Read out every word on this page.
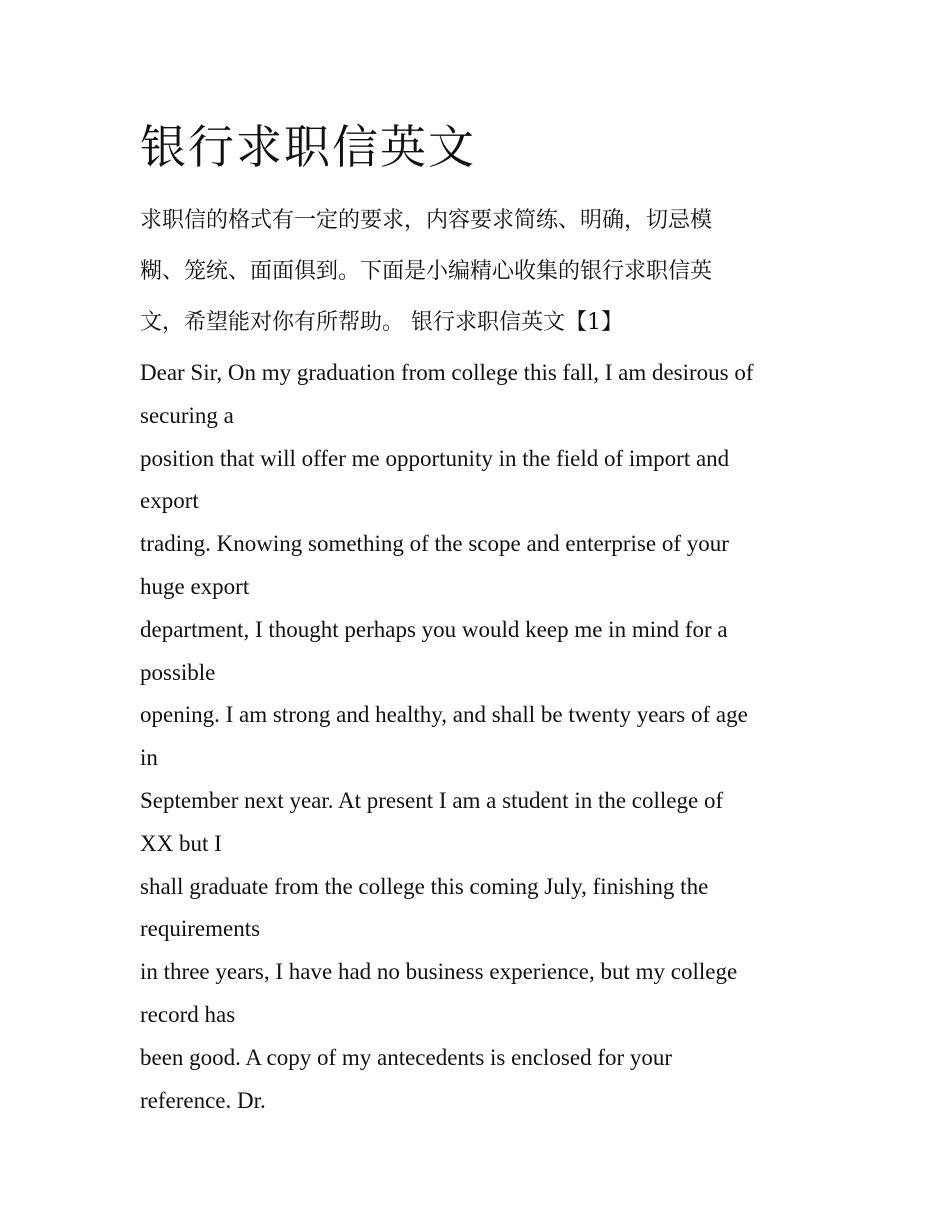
银行求职信英文
求职信的格式有一定的要求，内容要求简练、明确，切忌模
糊、笼统、面面俱到。下面是小编精心收集的银行求职信英
文，希望能对你有所帮助。 银行求职信英文【1】
Dear Sir, On my graduation from college this fall, I am desirous of
securing a
position that will offer me opportunity in the field of import and
export
trading. Knowing something of the scope and enterprise of your
huge export
department, I thought perhaps you would keep me in mind for a
possible
opening. I am strong and healthy, and shall be twenty years of age
in
September next year. At present I am a student in the college of
XX but I
shall graduate from the college this coming July, finishing the
requirements
in three years, I have had no business experience, but my college
record has
been good. A copy of my antecedents is enclosed for your
reference. Dr.
